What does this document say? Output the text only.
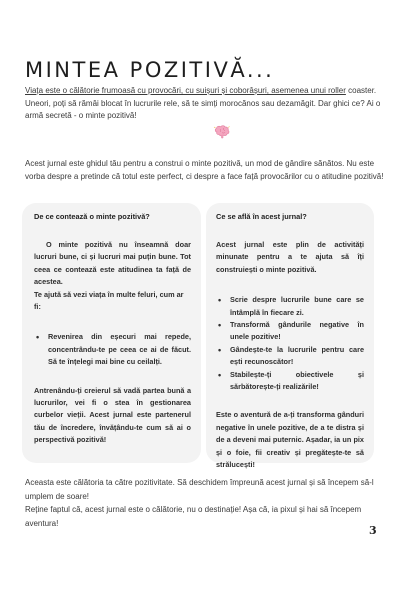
MINTEA POZITIVĂ...
Viața este o călătorie frumoasă cu provocări, cu suișuri și coborâșuri, asemenea unui roller coaster. Uneori, poți să rămâi blocat în lucrurile rele, să te simți morocănos sau dezamăgit. Dar ghici ce? Ai o armă secretă - o minte pozitivă!
Acest jurnal este ghidul tău pentru a construi o minte pozitivă, un mod de gândire sănătos. Nu este vorba despre a pretinde că totul este perfect, ci despre a face față provocărilor cu o atitudine pozitivă!
De ce contează o minte pozitivă?

O minte pozitivă nu înseamnă doar lucruri bune, ci și lucruri mai puțin bune. Tot ceea ce contează este atitudinea ta față de acestea.

Te ajută să vezi viața în multe feluri, cum ar fi:

• Revenirea din eșecuri mai repede, concentrându-te pe ceea ce ai de făcut. Să te înțelegi mai bine cu ceilalți.

Antrenându-ți creierul să vadă partea bună a lucrurilor, vei fi o stea în gestionarea curbelor vieții. Acest jurnal este partenerul tău de încredere, învățându-te cum să ai o perspectivă pozitivă!

Ce se află în acest jurnal?

Acest jurnal este plin de activități minunate pentru a te ajuta să îți construiești o minte pozitivă.

• Scrie despre lucrurile bune care se întâmplă în fiecare zi.
• Transformă gândurile negative în unele pozitive!
• Gândește-te la lucrurile pentru care ești recunoscător!
• Stabilește-ți obiectivele și sărbătorește-ți realizările!

Este o aventură de a-ți transforma gânduri negative în unele pozitive, de a te distra și de a deveni mai puternic. Așadar, ia un pix și o foie, fii creativ și pregătește-te să strălucești!

Aceasta este călătoria ta către pozitivitate. Să deschidem împreună acest jurnal și să începem să-l umplem de soare!
Reține faptul că, acest jurnal este o călătorie, nu o destinație! Așa că, ia pixul și hai să începem aventura!
3
